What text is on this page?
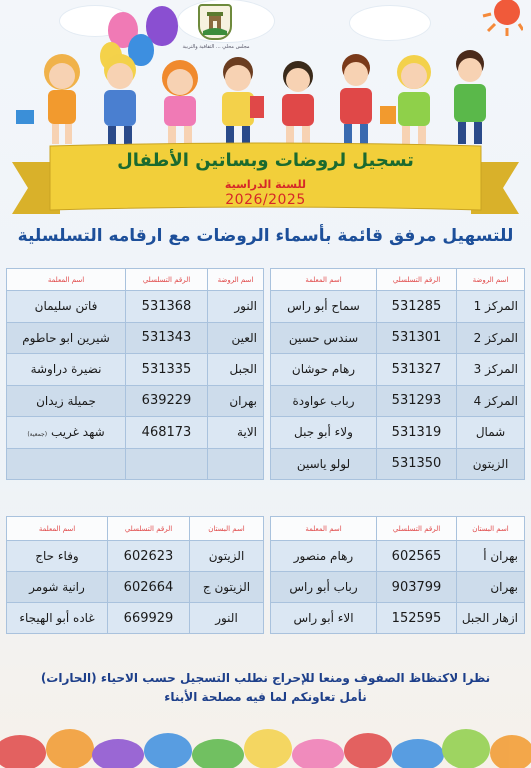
مجلس محلي ... الثقافية والتربية
تسجيل لروضات وبساتين الأطفال
للسنة الدراسية
2026/2025
للتسهيل مرفق قائمة بأسماء الروضات مع ارقامه التسلسلية
اسم الروضة	الرقم التسلسلي	اسم المعلمة
المركز 1	531285	سماح أبو راس
المركز 2	531301	سندس حسين
المركز 3	531327	رهام حوشان
المركز 4	531293	رباب عواودة
شمال	531319	ولاء أبو جبل
الزيتون	531350	لولو ياسين
اسم الروضة	الرقم التسلسلي	اسم المعلمة
النور	531368	فاتن سليمان
العين	531343	شيرين ابو حاطوم
الجبل	531335	نضيرة دراوشة
بهران	639229	جميلة زيدان
الاية	468173	شهد غريب (جمعية)

اسم البستان	الرقم التسلسلي	اسم المعلمة
بهران أ	602565	رهام منصور
بهران	903799	رباب أبو راس
ازهار الجبل	152595	الاء أبو راس
اسم البستان	الرقم التسلسلي	اسم المعلمة
الزيتون	602623	وفاء حاج
الزيتون ج	602664	رانية شومر
النور	669929	غاده أبو الهيجاء
نظرا لاكتظاظ الصفوف ومنعا للإحراج نطلب التسجيل حسب الاحياء (الحارات)
نأمل تعاونكم لما فيه مصلحة الأبناء
